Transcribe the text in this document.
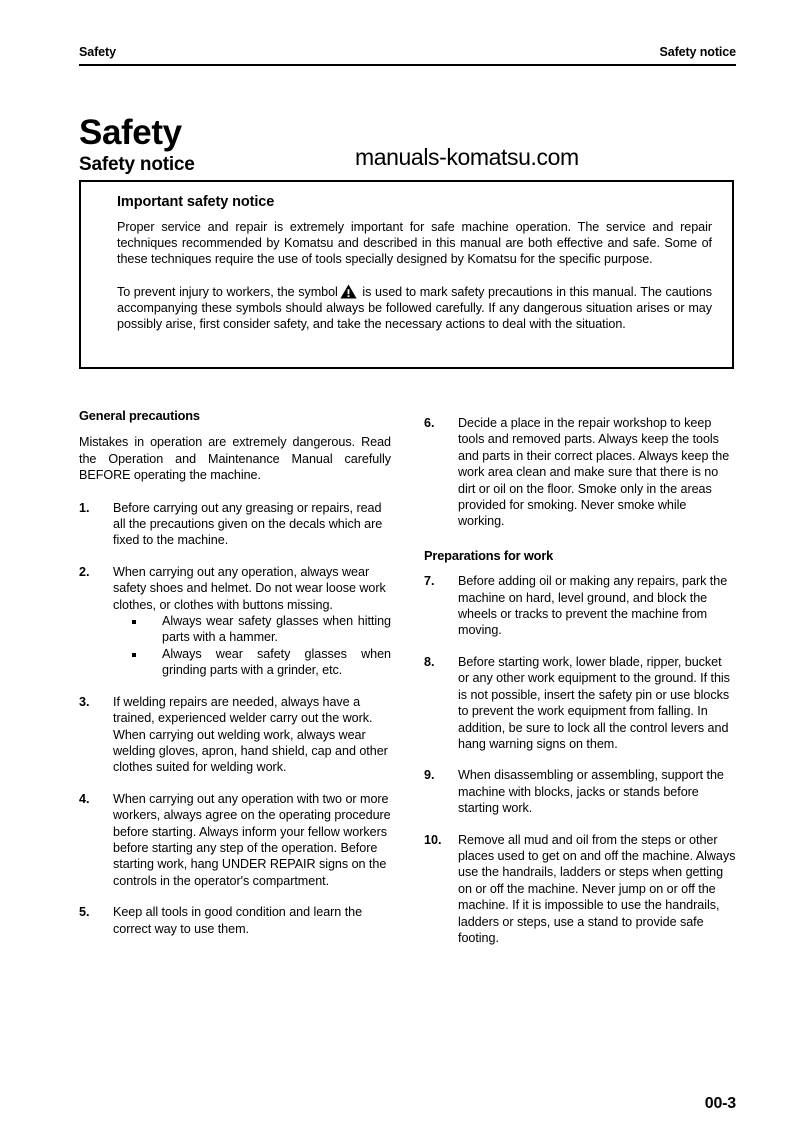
Safety	Safety notice
Safety
Safety notice	manuals-komatsu.com
Important safety notice

Proper service and repair is extremely important for safe machine operation. The service and repair techniques recommended by Komatsu and described in this manual are both effective and safe. Some of these techniques require the use of tools specially designed by Komatsu for the specific purpose.

To prevent injury to workers, the symbol is used to mark safety precautions in this manual. The cautions accompanying these symbols should always be followed carefully. If any dangerous situation arises or may possibly arise, first consider safety, and take the necessary actions to deal with the situation.

General precautions

Mistakes in operation are extremely dangerous. Read the Operation and Maintenance Manual carefully BEFORE operating the machine.

1.	Before carrying out any greasing or repairs, read all the precautions given on the decals which are fixed to the machine.
2.	When carrying out any operation, always wear safety shoes and helmet. Do not wear loose work clothes, or clothes with buttons missing.
Always wear safety glasses when hitting parts with a hammer.
Always wear safety glasses when grinding parts with a grinder, etc.
3.	If welding repairs are needed, always have a trained, experienced welder carry out the work. When carrying out welding work, always wear welding gloves, apron, hand shield, cap and other clothes suited for welding work.
4.	When carrying out any operation with two or more workers, always agree on the operating procedure before starting. Always inform your fellow workers before starting any step of the operation. Before starting work, hang UNDER REPAIR signs on the controls in the operator's compartment.
5.	Keep all tools in good condition and learn the correct way to use them.
6.	Decide a place in the repair workshop to keep tools and removed parts. Always keep the tools and parts in their correct places. Always keep the work area clean and make sure that there is no dirt or oil on the floor. Smoke only in the areas provided for smoking. Never smoke while working.
Preparations for work
7.	Before adding oil or making any repairs, park the machine on hard, level ground, and block the wheels or tracks to prevent the machine from moving.
8.	Before starting work, lower blade, ripper, bucket or any other work equipment to the ground. If this is not possible, insert the safety pin or use blocks to prevent the work equipment from falling. In addition, be sure to lock all the control levers and hang warning signs on them.
9.	When disassembling or assembling, support the machine with blocks, jacks or stands before starting work.
10.	Remove all mud and oil from the steps or other places used to get on and off the machine. Always use the handrails, ladders or steps when getting on or off the machine. Never jump on or off the machine. If it is impossible to use the handrails, ladders or steps, use a stand to provide safe footing.
00-3
